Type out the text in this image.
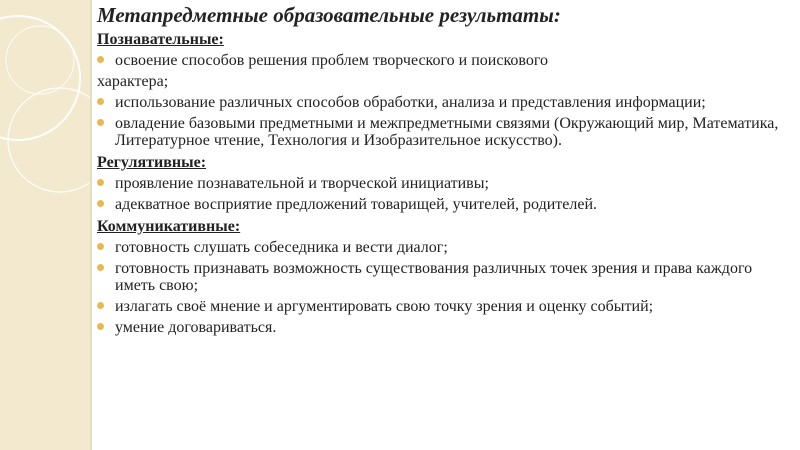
Метапредметные образовательные результаты:
Познавательные:
освоение способов решения проблем творческого и поискового
характера;
использование различных способов обработки, анализа и представления информации;
овладение базовыми предметными и межпредметными связями (Окружающий мир, Математика, Литературное чтение, Технология и Изобразительное искусство).
Регулятивные:
проявление познавательной и творческой инициативы;
адекватное восприятие предложений товарищей, учителей, родителей.
Коммуникативные:
готовность слушать собеседника и вести диалог;
готовность признавать возможность существования различных точек зрения и права каждого иметь свою;
излагать своё мнение и аргументировать свою точку зрения и оценку событий;
умение договариваться.
